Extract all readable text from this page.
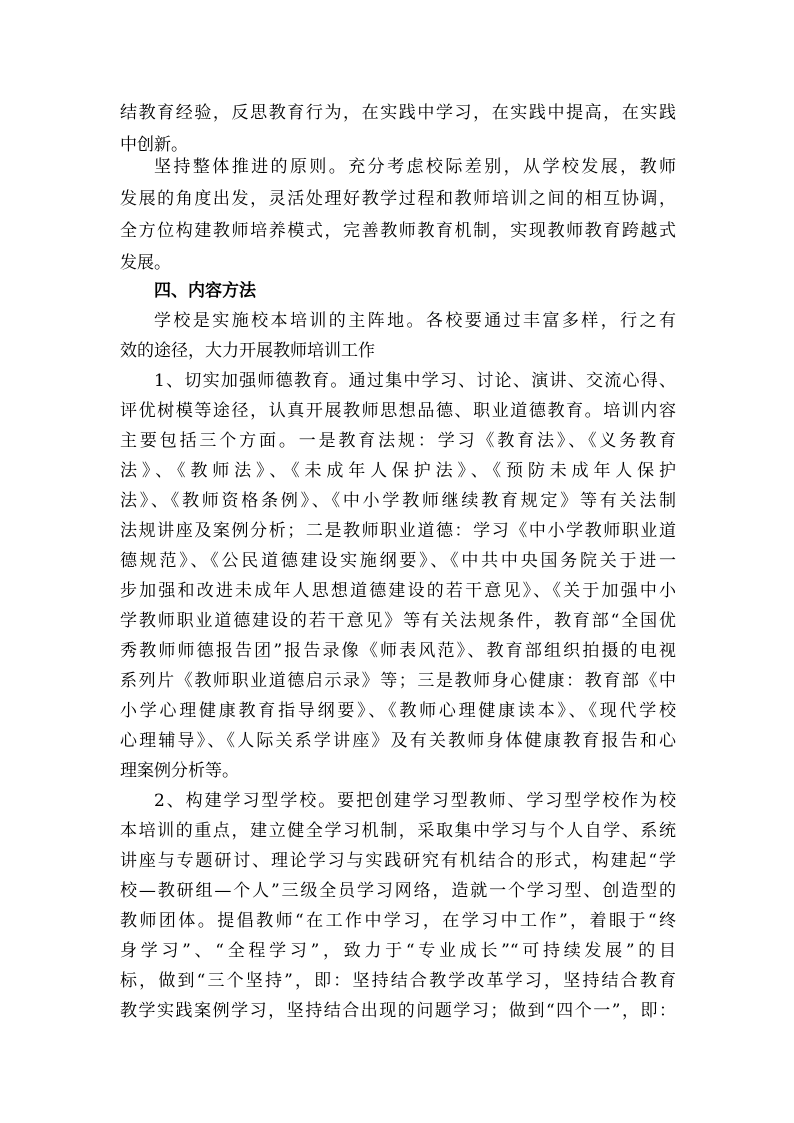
结教育经验，反思教育行为，在实践中学习，在实践中提高，在实践
中创新。
坚持整体推进的原则。充分考虑校际差别，从学校发展，教师
发展的角度出发，灵活处理好教学过程和教师培训之间的相互协调，
全方位构建教师培养模式，完善教师教育机制，实现教师教育跨越式
发展。
四、内容方法
学校是实施校本培训的主阵地。各校要通过丰富多样，行之有
效的途径，大力开展教师培训工作
1、切实加强师德教育。通过集中学习、讨论、演讲、交流心得、
评优树模等途径，认真开展教师思想品德、职业道德教育。培训内容
主要包括三个方面。一是教育法规：学习《教育法》、《义务教育
法》、《教师法》、《未成年人保护法》、《预防未成年人保护
法》、《教师资格条例》、《中小学教师继续教育规定》等有关法制
法规讲座及案例分析；二是教师职业道德：学习《中小学教师职业道
德规范》、《公民道德建设实施纲要》、《中共中央国务院关于进一
步加强和改进未成年人思想道德建设的若干意见》、《关于加强中小
学教师职业道德建设的若干意见》等有关法规条件，教育部“全国优
秀教师师德报告团”报告录像《师表风范》、教育部组织拍摄的电视
系列片《教师职业道德启示录》等；三是教师身心健康：教育部《中
小学心理健康教育指导纲要》、《教师心理健康读本》、《现代学校
心理辅导》、《人际关系学讲座》及有关教师身体健康教育报告和心
理案例分析等。
2、构建学习型学校。要把创建学习型教师、学习型学校作为校
本培训的重点，建立健全学习机制，采取集中学习与个人自学、系统
讲座与专题研讨、理论学习与实践研究有机结合的形式，构建起“学
校—教研组—个人”三级全员学习网络，造就一个学习型、创造型的
教师团体。提倡教师“在工作中学习，在学习中工作”，着眼于“终
身学习”、“全程学习”，致力于“专业成长”“可持续发展”的目
标，做到“三个坚持”，即：坚持结合教学改革学习，坚持结合教育
教学实践案例学习，坚持结合出现的问题学习；做到“四个一”，即：
